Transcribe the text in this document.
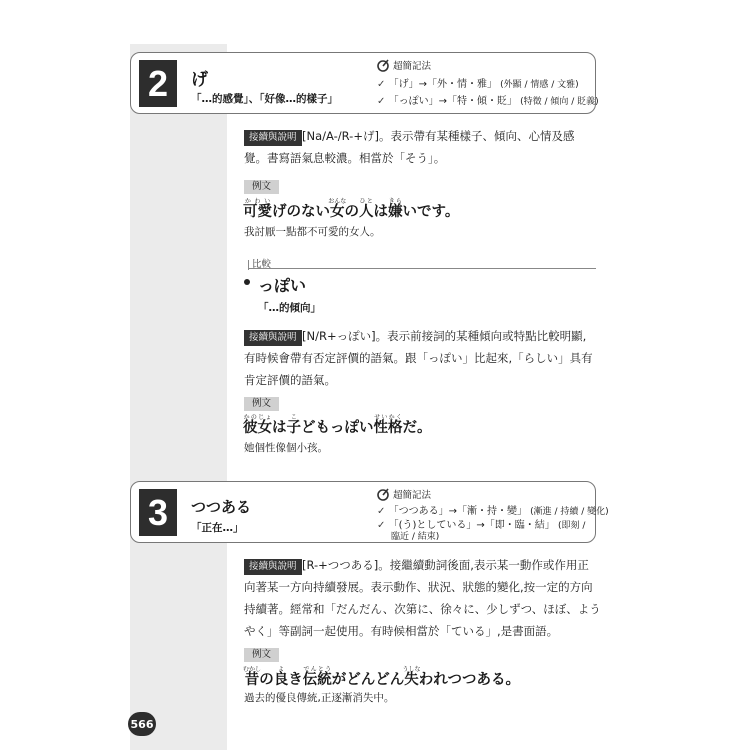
2	げ
「…的感覺」、「好像…的樣子」
超簡記法
✓ 「げ」→「外・情・雅」 (外顯 / 情感 / 文雅)
✓ 「っぽい」→「特・傾・貶」 (特徵 / 傾向 / 貶義)
接續與說明 [Na/A-/R-+げ]。表示帶有某種樣子、傾向、心情及感
覺。書寫語氣息較濃。相當於「そう」。
例文
可愛かわいげのない女おんなの人ひとは嫌きらいです。
我討厭一點都不可愛的女人。
比較
っぽい
「…的傾向」
接續與說明 [N/R+っぽい]。表示前接詞的某種傾向或特點比較明顯,
有時候會帶有否定評價的語氣。跟「っぽい」比起來,「らしい」具有
肯定評價的語氣。
例文
彼女かのじょは子こどもっぽい性格せいかくだ。
她個性像個小孩。
3	つつある
「正在…」
超簡記法
✓ 「つつある」→「漸・持・變」 (漸進 / 持續 / 變化)
✓ 「(う)としている」→「即・臨・結」 (即刻 /
臨近 / 結束)
接續與說明 [R-+つつある]。接繼續動詞後面,表示某一動作或作用正
向著某一方向持續發展。表示動作、狀況、狀態的變化,按一定的方向
持續著。經常和「だんだん、次第に、徐々に、少しずつ、ほぼ、よう
やく」等副詞一起使用。有時候相當於「ている」,是書面語。
例文
昔むかしの良よき伝統でんとうがどんどん失うしなわれつつある。
過去的優良傳統,正逐漸消失中。
566
